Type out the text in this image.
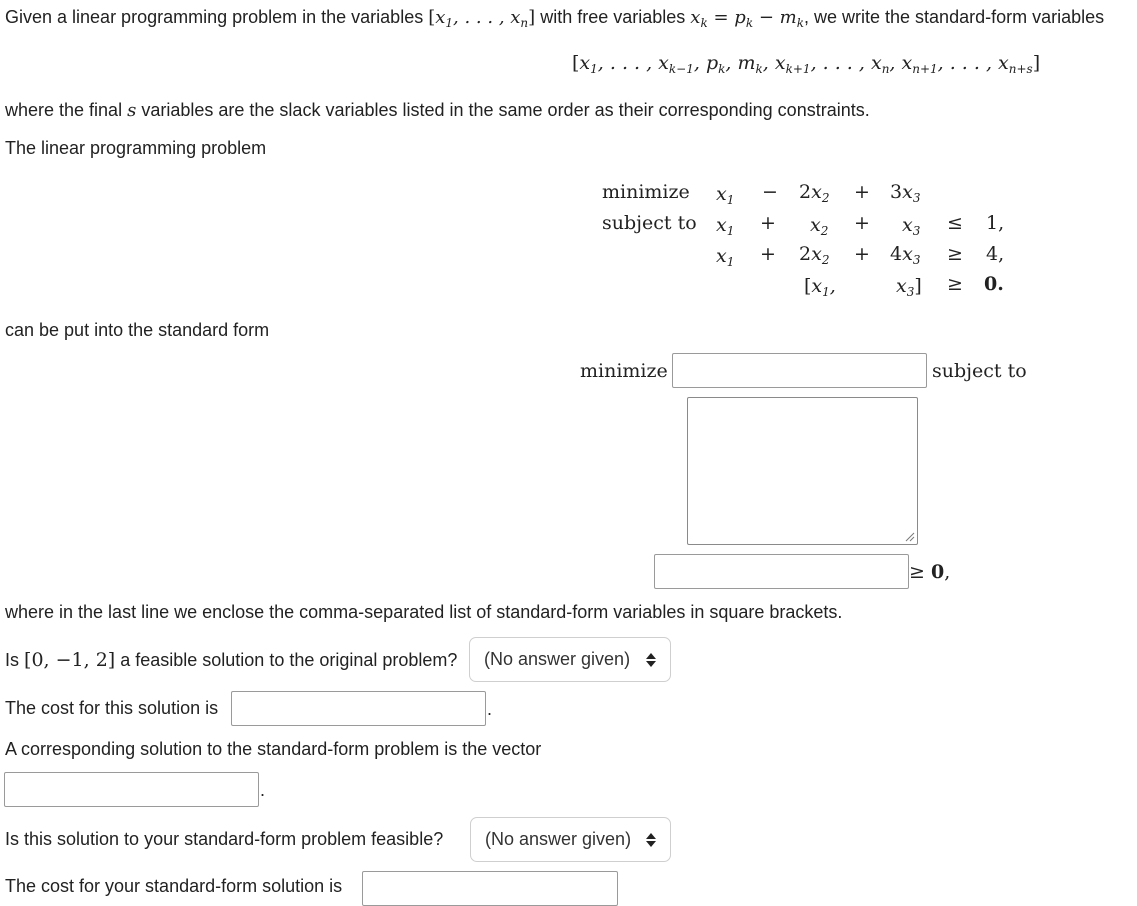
Given a linear programming problem in the variables [$x_1$, . . . , $x_n$] with free variables $x_k = p_k - m_k$, we write the standard-form variables
[$x_1$, . . . , $x_{k-1}$, $p_k$, $m_k$, $x_{k+1}$, . . . , $x_n$, $x_{n+1}$, . . . , $x_{n+s}$]
where the final s variables are the slack variables listed in the same order as their corresponding constraints.
The linear programming problem
minimize $x_1 - 2x_2 + 3x_3$
subject to $x_1 + x_2 + x_3 \le 1$,
$x_1 + 2x_2 + 4x_3 \ge 4$,
[$x_1$,	$x_3] \ge 0$.
can be put into the standard form
minimize	subject to
≥ 0,
where in the last line we enclose the comma-separated list of standard-form variables in square brackets.
Is [0, −1, 2] a feasible solution to the original problem? (No answer given)
The cost for this solution is	.
A corresponding solution to the standard-form problem is the vector
.
Is this solution to your standard-form problem feasible? (No answer given)
The cost for your standard-form solution is
